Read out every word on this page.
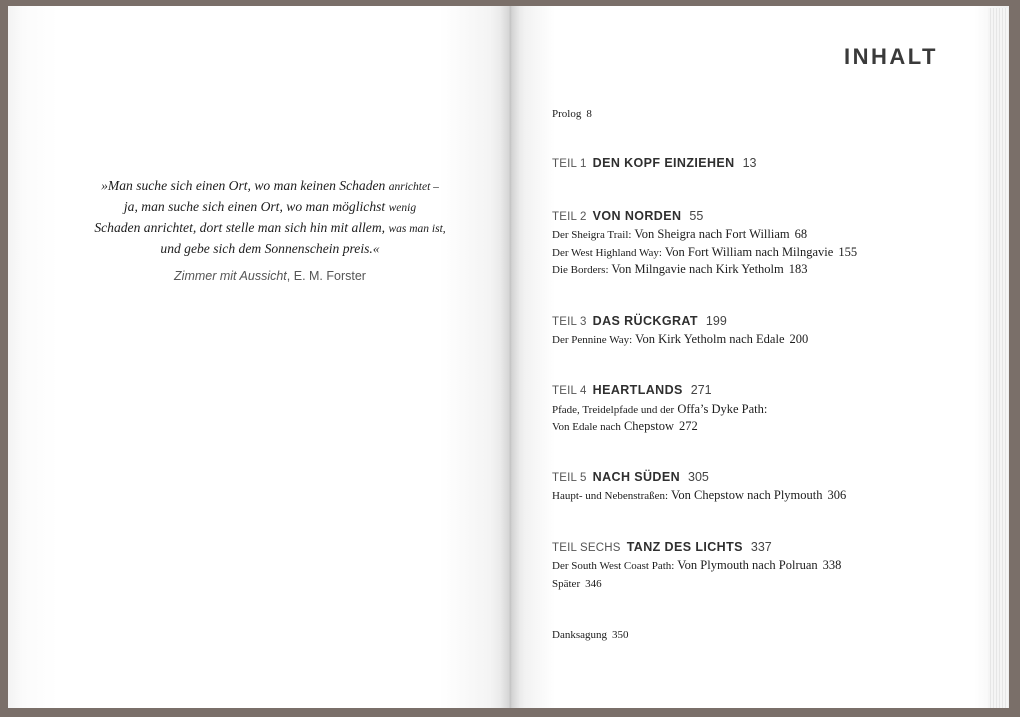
»Man suche sich einen Ort, wo man keinen Schaden anrichtet –
ja, man suche sich einen Ort, wo man möglichst wenig
Schaden anrichtet, dort stelle man sich hin mit allem, was man ist,
und gebe sich dem Sonnenschein preis.«
Zimmer mit Aussicht, E. M. Forster
INHALT
Prolog 8
TEIL 1 DEN KOPF EINZIEHEN 13
TEIL 2 VON NORDEN 55
Der Sheigra Trail: Von Sheigra nach Fort William 68
Der West Highland Way: Von Fort William nach Milngavie 155
Die Borders: Von Milngavie nach Kirk Yetholm 183
TEIL 3 DAS RÜCKGRAT 199
Der Pennine Way: Von Kirk Yetholm nach Edale 200
TEIL 4 HEARTLANDS 271
Pfade, Treidelpfade und der Offa’s Dyke Path:
Von Edale nach Chepstow 272
TEIL 5 NACH SÜDEN 305
Haupt- und Nebenstraßen: Von Chepstow nach Plymouth 306
TEIL SECHS TANZ DES LICHTS 337
Der South West Coast Path: Von Plymouth nach Polruan 338
Später 346
Danksagung 350
